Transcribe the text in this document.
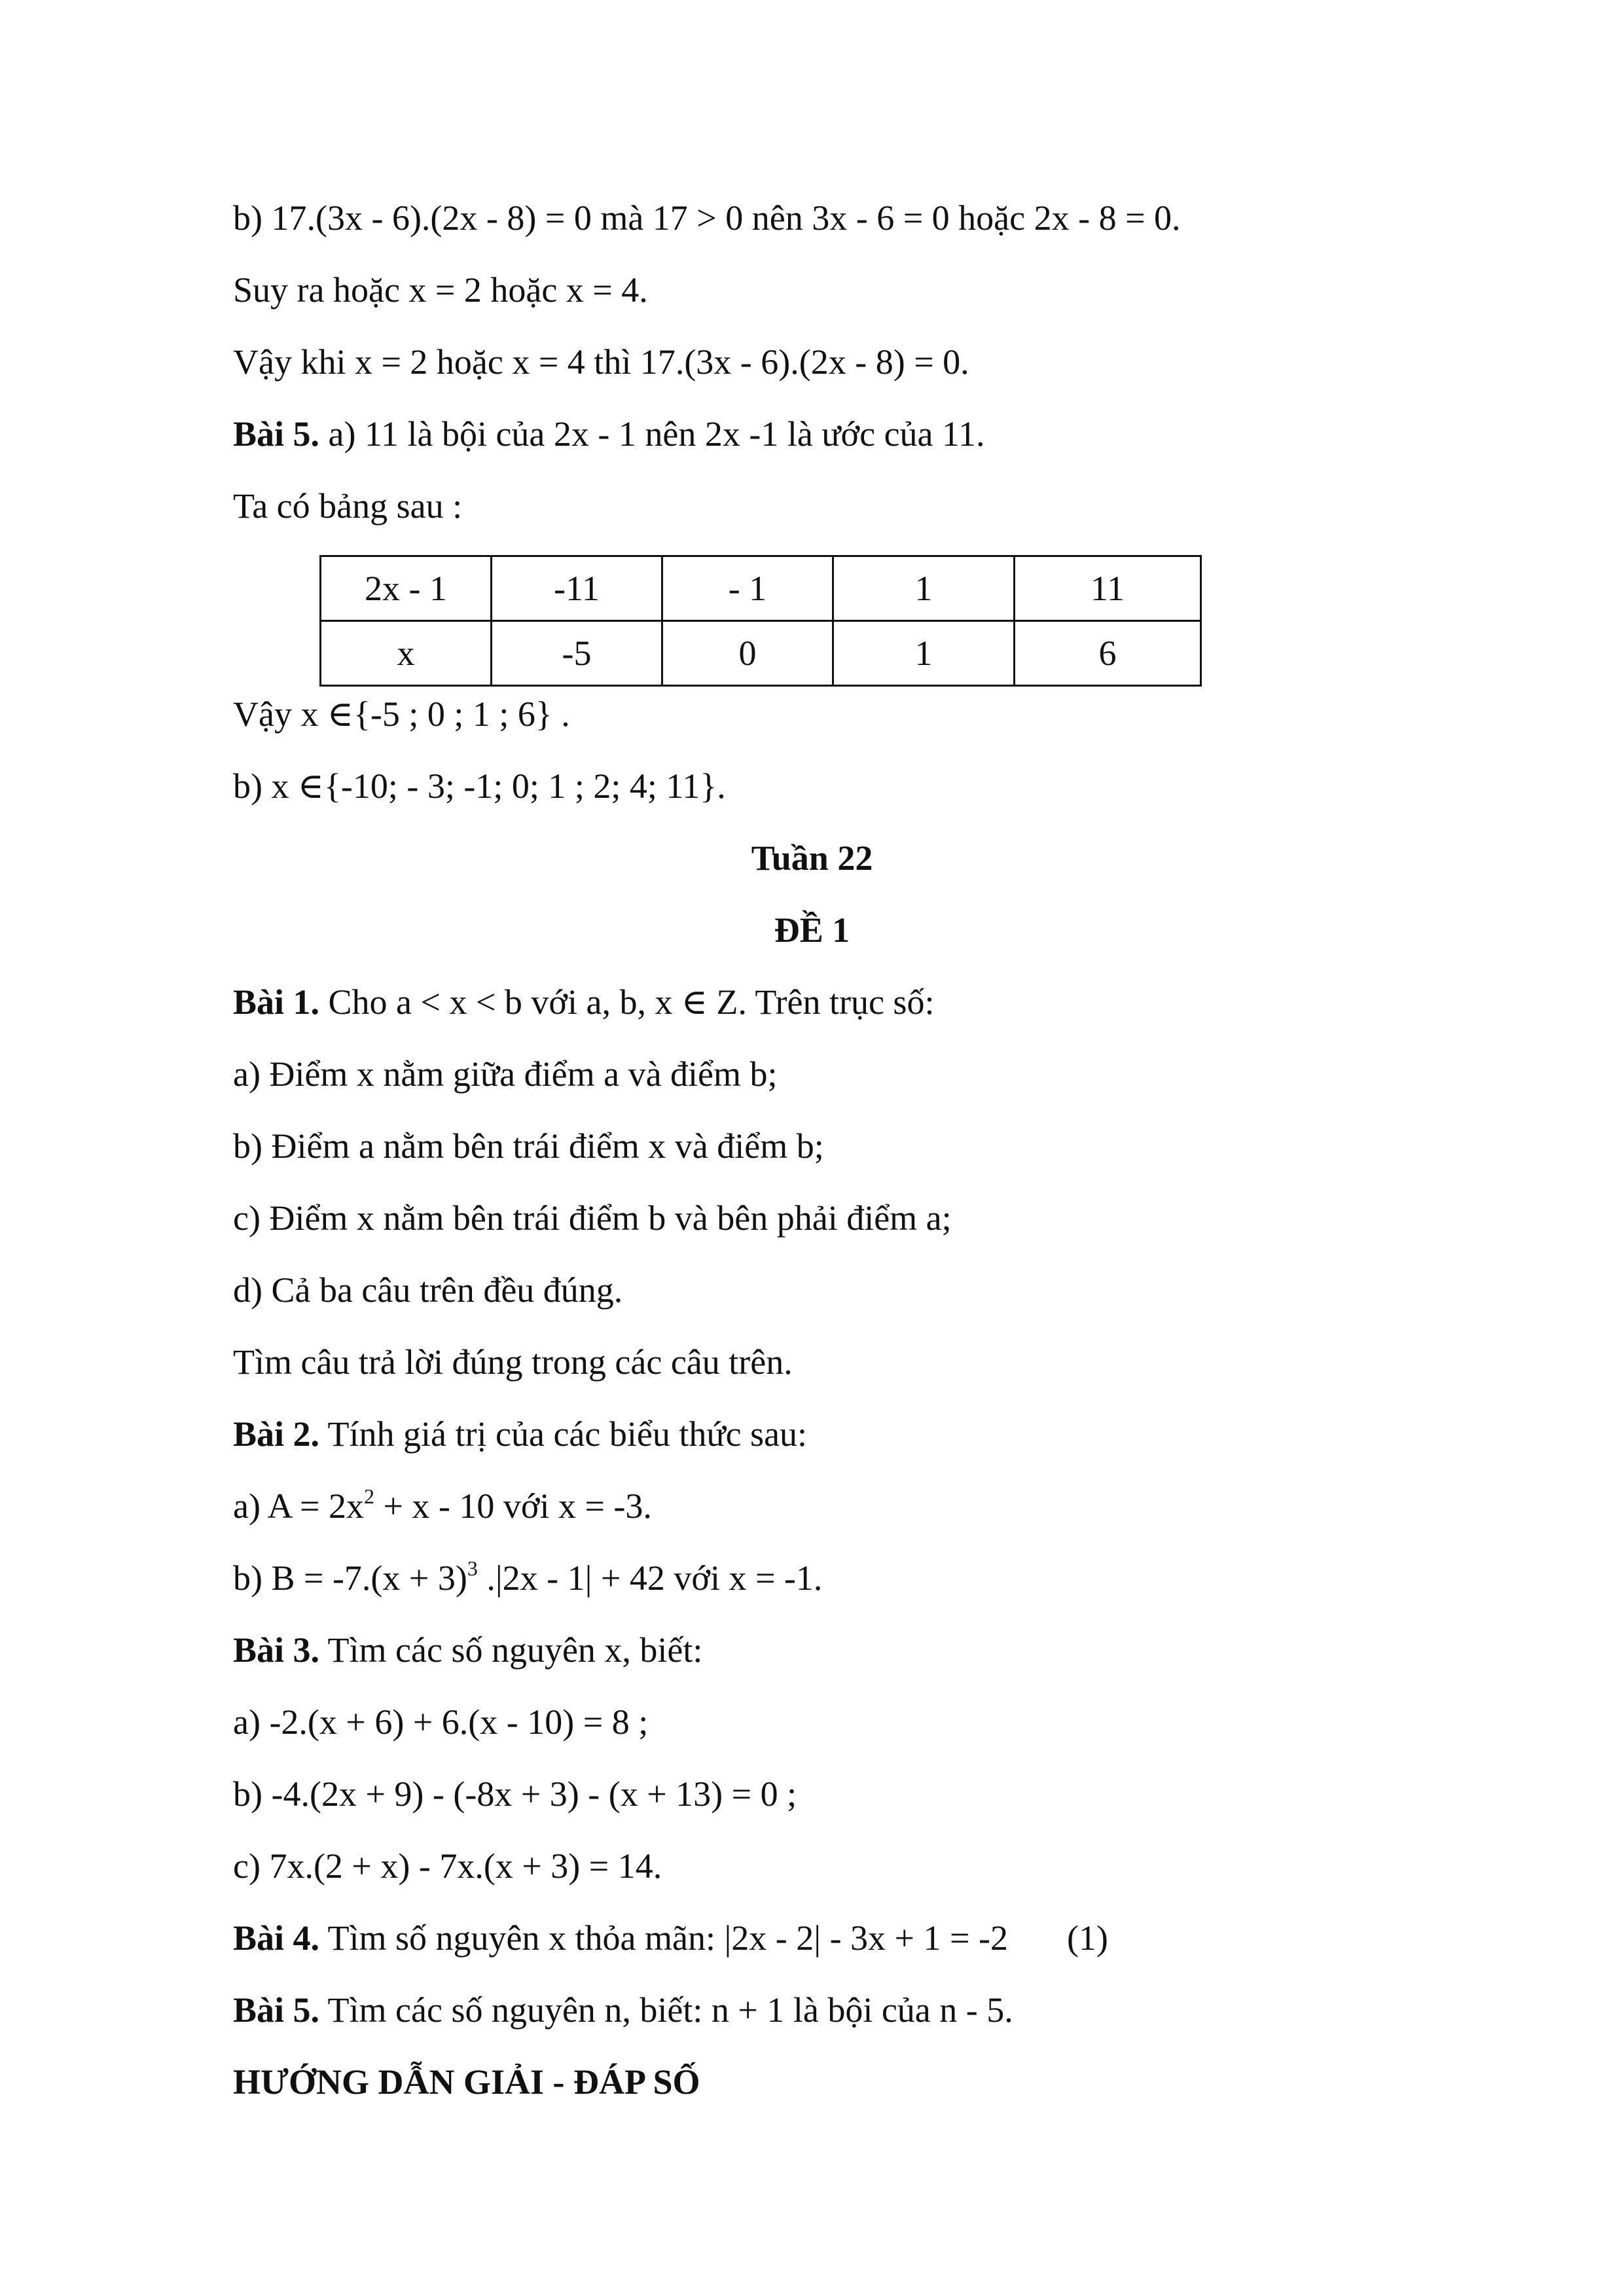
b) 17.(3x - 6).(2x - 8) = 0 mà 17 > 0 nên 3x - 6 = 0 hoặc 2x - 8 = 0.
Suy ra hoặc x = 2 hoặc x = 4.
Vậy khi x = 2 hoặc x = 4 thì 17.(3x - 6).(2x - 8) = 0.
Bài 5. a) 11 là bội của 2x - 1 nên 2x -1 là ước của 11.
Ta có bảng sau :
2x - 1	-11	- 1	1	11
x	-5	0	1	6
Vậy x ∈{-5 ; 0 ; 1 ; 6} .
b) x ∈{-10; - 3; -1; 0; 1 ; 2; 4; 11}.
Tuần 22
ĐỀ 1
Bài 1. Cho a < x < b với a, b, x ∈ Z. Trên trục số:
a) Điểm x nằm giữa điểm a và điểm b;
b) Điểm a nằm bên trái điểm x và điểm b;
c) Điểm x nằm bên trái điểm b và bên phải điểm a;
d) Cả ba câu trên đều đúng.
Tìm câu trả lời đúng trong các câu trên.
Bài 2. Tính giá trị của các biểu thức sau:
a) $A = 2x^2 + x - 10$ với x = -3.
b) $B = -7.(x + 3)^3$ .|2x - 1| + 42 với x = -1.
Bài 3. Tìm các số nguyên x, biết:
a) -2.(x + 6) + 6.(x - 10) = 8 ;
b) -4.(2x + 9) - (-8x + 3) - (x + 13) = 0 ;
c) 7x.(2 + x) - 7x.(x + 3) = 14.
Bài 4. Tìm số nguyên x thỏa mãn: |2x - 2| - 3x + 1 = -2 (1)
Bài 5. Tìm các số nguyên n, biết: n + 1 là bội của n - 5.
HƯỚNG DẪN GIẢI - ĐÁP SỐ
